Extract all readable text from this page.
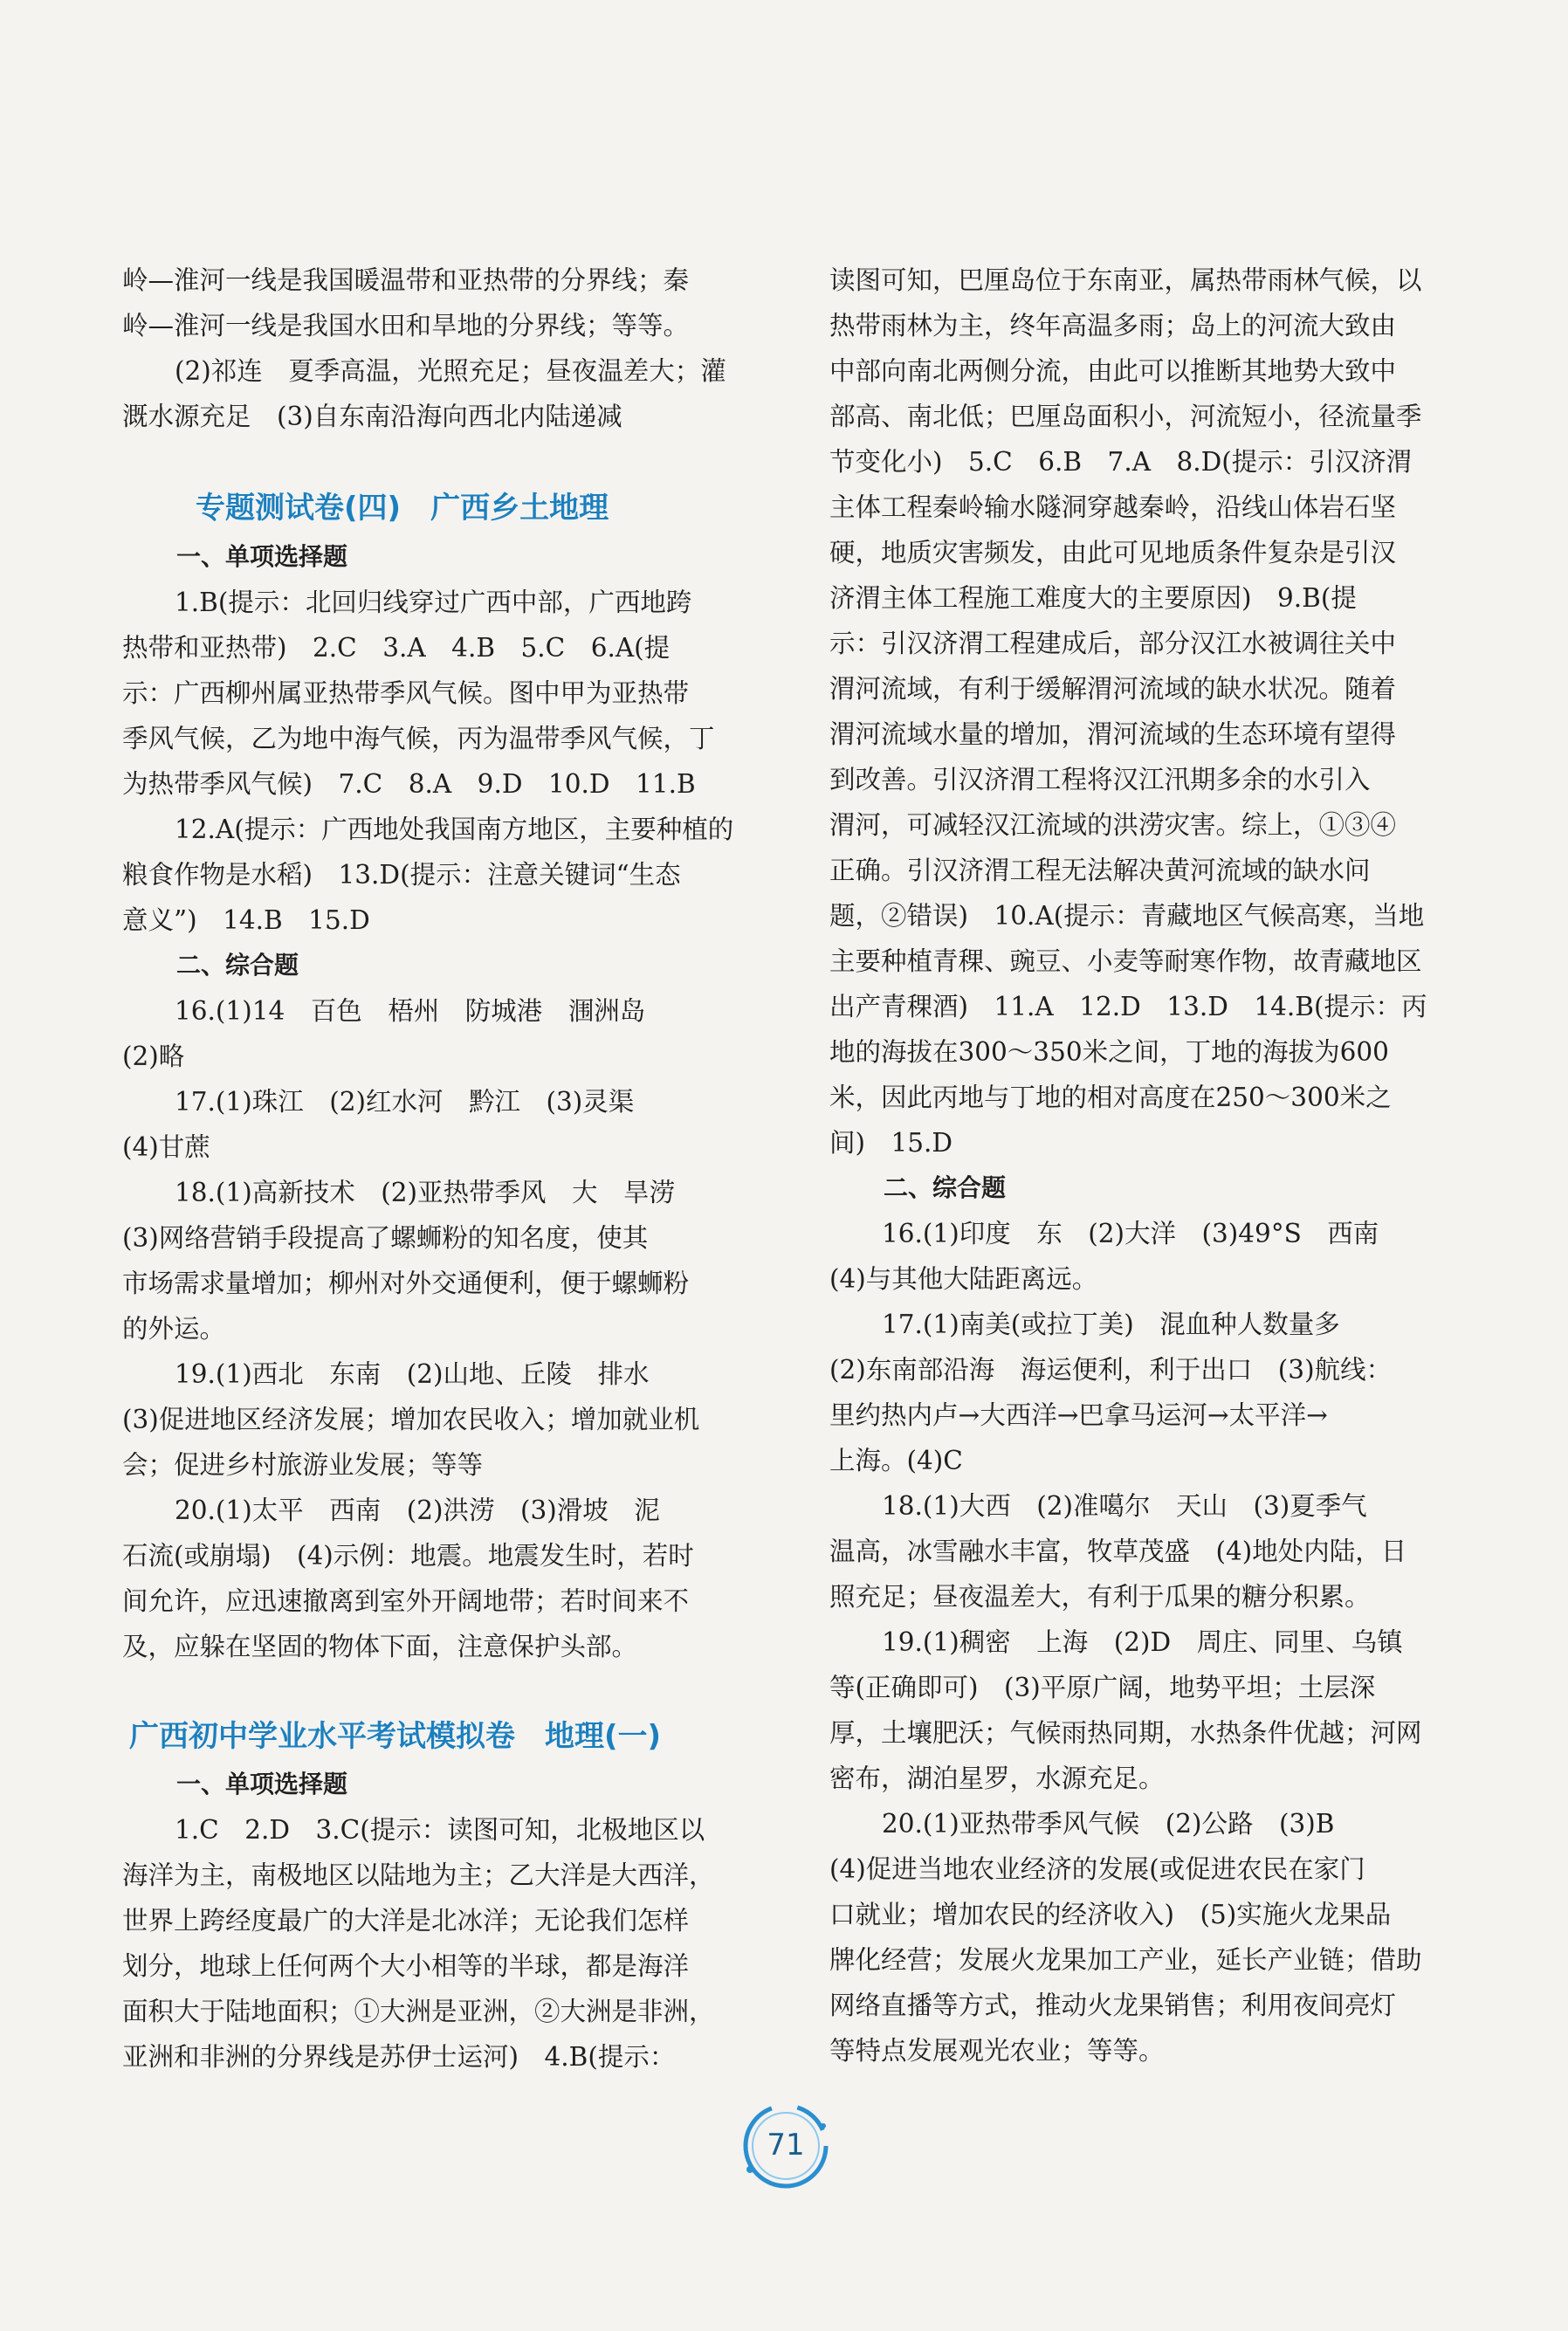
岭—淮河一线是我国暖温带和亚热带的分界线；秦
岭—淮河一线是我国水田和旱地的分界线；等等。
(2)祁连　夏季高温，光照充足；昼夜温差大；灌
溉水源充足　(3)自东南沿海向西北内陆递减
专题测试卷(四)　广西乡土地理
一、单项选择题
1.B(提示：北回归线穿过广西中部，广西地跨
热带和亚热带)　2.C　3.A　4.B　5.C　6.A(提
示：广西柳州属亚热带季风气候。图中甲为亚热带
季风气候，乙为地中海气候，丙为温带季风气候，丁
为热带季风气候)　7.C　8.A　9.D　10.D　11.B
12.A(提示：广西地处我国南方地区，主要种植的
粮食作物是水稻)　13.D(提示：注意关键词“生态
意义”)　14.B　15.D
二、综合题
16.(1)14　百色　梧州　防城港　涠洲岛
(2)略
17.(1)珠江　(2)红水河　黔江　(3)灵渠
(4)甘蔗
18.(1)高新技术　(2)亚热带季风　大　旱涝
(3)网络营销手段提高了螺蛳粉的知名度，使其
市场需求量增加；柳州对外交通便利，便于螺蛳粉
的外运。
19.(1)西北　东南　(2)山地、丘陵　排水
(3)促进地区经济发展；增加农民收入；增加就业机
会；促进乡村旅游业发展；等等
20.(1)太平　西南　(2)洪涝　(3)滑坡　泥
石流(或崩塌)　(4)示例：地震。地震发生时，若时
间允许，应迅速撤离到室外开阔地带；若时间来不
及，应躲在坚固的物体下面，注意保护头部。
广西初中学业水平考试模拟卷　地理(一)
一、单项选择题
1.C　2.D　3.C(提示：读图可知，北极地区以
海洋为主，南极地区以陆地为主；乙大洋是大西洋，
世界上跨经度最广的大洋是北冰洋；无论我们怎样
划分，地球上任何两个大小相等的半球，都是海洋
面积大于陆地面积；①大洲是亚洲，②大洲是非洲，
亚洲和非洲的分界线是苏伊士运河)　4.B(提示：
读图可知，巴厘岛位于东南亚，属热带雨林气候，以
热带雨林为主，终年高温多雨；岛上的河流大致由
中部向南北两侧分流，由此可以推断其地势大致中
部高、南北低；巴厘岛面积小，河流短小，径流量季
节变化小)　5.C　6.B　7.A　8.D(提示：引汉济渭
主体工程秦岭输水隧洞穿越秦岭，沿线山体岩石坚
硬，地质灾害频发，由此可见地质条件复杂是引汉
济渭主体工程施工难度大的主要原因)　9.B(提
示：引汉济渭工程建成后，部分汉江水被调往关中
渭河流域，有利于缓解渭河流域的缺水状况。随着
渭河流域水量的增加，渭河流域的生态环境有望得
到改善。引汉济渭工程将汉江汛期多余的水引入
渭河，可减轻汉江流域的洪涝灾害。综上，①③④
正确。引汉济渭工程无法解决黄河流域的缺水问
题，②错误)　10.A(提示：青藏地区气候高寒，当地
主要种植青稞、豌豆、小麦等耐寒作物，故青藏地区
出产青稞酒)　11.A　12.D　13.D　14.B(提示：丙
地的海拔在300～350米之间，丁地的海拔为600
米，因此丙地与丁地的相对高度在250～300米之
间)　15.D
二、综合题
16.(1)印度　东　(2)大洋　(3)49°S　西南
(4)与其他大陆距离远。
17.(1)南美(或拉丁美)　混血种人数量多
(2)东南部沿海　海运便利，利于出口　(3)航线：
里约热内卢→大西洋→巴拿马运河→太平洋→
上海。(4)C
18.(1)大西　(2)准噶尔　天山　(3)夏季气
温高，冰雪融水丰富，牧草茂盛　(4)地处内陆，日
照充足；昼夜温差大，有利于瓜果的糖分积累。
19.(1)稠密　上海　(2)D　周庄、同里、乌镇
等(正确即可)　(3)平原广阔，地势平坦；土层深
厚，土壤肥沃；气候雨热同期，水热条件优越；河网
密布，湖泊星罗，水源充足。
20.(1)亚热带季风气候　(2)公路　(3)B
(4)促进当地农业经济的发展(或促进农民在家门
口就业；增加农民的经济收入)　(5)实施火龙果品
牌化经营；发展火龙果加工产业，延长产业链；借助
网络直播等方式，推动火龙果销售；利用夜间亮灯
等特点发展观光农业；等等。
71
